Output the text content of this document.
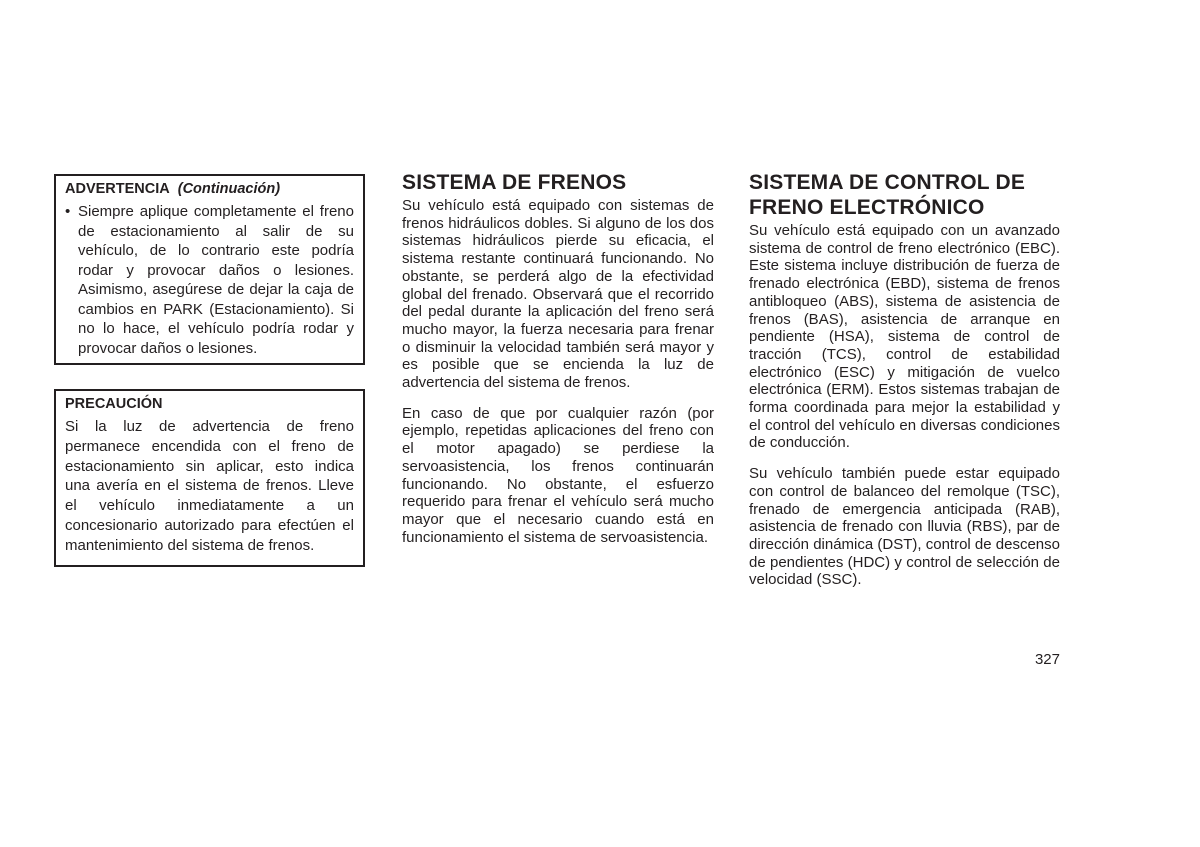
ADVERTENCIA (Continuación)
• Siempre aplique completamente el freno de estacionamiento al salir de su vehículo, de lo contrario este podría rodar y provocar daños o lesiones. Asimismo, asegúrese de dejar la caja de cambios en PARK (Estacionamiento). Si no lo hace, el vehículo podría rodar y provocar daños o lesiones.
PRECAUCIÓN

Si la luz de advertencia de freno permanece encendida con el freno de estacionamiento sin aplicar, esto indica una avería en el sistema de frenos. Lleve el vehículo inmediatamente a un concesionario autorizado para efectúen el mantenimiento del sistema de frenos.

SISTEMA DE FRENOS

Su vehículo está equipado con sistemas de frenos hidráulicos dobles. Si alguno de los dos sistemas hidráulicos pierde su eficacia, el sistema restante continuará funcionando. No obstante, se perderá algo de la efectividad global del frenado. Observará que el recorrido del pedal durante la aplicación del freno será mucho mayor, la fuerza necesaria para frenar o disminuir la velocidad también será mayor y es posible que se encienda la luz de advertencia del sistema de frenos.

En caso de que por cualquier razón (por ejemplo, repetidas aplicaciones del freno con el motor apagado) se perdiese la servoasistencia, los frenos continuarán funcionando. No obstante, el esfuerzo requerido para frenar el vehículo será mucho mayor que el necesario cuando está en funcionamiento el sistema de servoasistencia.

SISTEMA DE CONTROL DE
FRENO ELECTRÓNICO

Su vehículo está equipado con un avanzado sistema de control de freno electrónico (EBC). Este sistema incluye distribución de fuerza de frenado electrónica (EBD), sistema de frenos antibloqueo (ABS), sistema de asistencia de frenos (BAS), asistencia de arranque en pendiente (HSA), sistema de control de tracción (TCS), control de estabilidad electrónico (ESC) y mitigación de vuelco electrónica (ERM). Estos sistemas trabajan de forma coordinada para mejor la estabilidad y el control del vehículo en diversas condiciones de conducción.

Su vehículo también puede estar equipado con control de balanceo del remolque (TSC), frenado de emergencia anticipada (RAB), asistencia de frenado con lluvia (RBS), par de dirección dinámica (DST), control de descenso de pendientes (HDC) y control de selección de velocidad (SSC).

327
